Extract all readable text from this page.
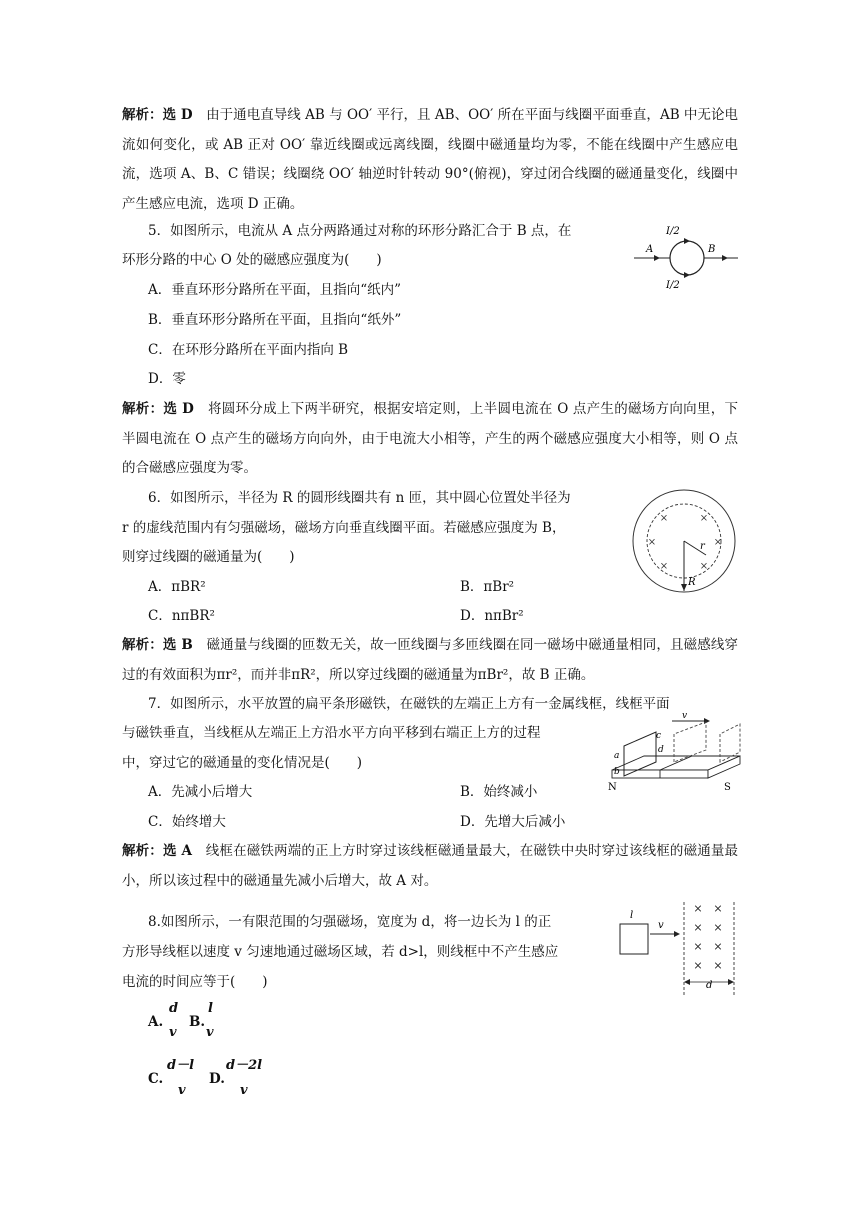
解析：选 D　 由于通电直导线 AB 与 OO′ 平行，且 AB、OO′ 所在平面与线圈平面垂直，AB 中无论电流如何变化，或 AB 正对 OO′ 靠近线圈或远离线圈，线圈中磁通量均为零，不能在线圈中产生感应电流，选项 A、B、C 错误；线圈绕 OO′ 轴逆时针转动 90°(俯视)，穿过闭合线圈的磁通量变化，线圈中产生感应电流，选项 D 正确。
5．如图所示，电流从 A 点分两路通过对称的环形分路汇合于 B 点，在
环形分路的中心 O 处的磁感应强度为(　　)
A．垂直环形分路所在平面，且指向“纸内”
B．垂直环形分路所在平面，且指向“纸外”
C．在环形分路所在平面内指向 B
D．零
I/2
I/2
A	B
解析：选 D　 将圆环分成上下两半研究，根据安培定则，上半圆电流在 O 点产生的磁场方向向里，下半圆电流在 O 点产生的磁场方向向外，由于电流大小相等，产生的两个磁感应强度大小相等，则 O 点的合磁感应强度为零。
6．如图所示，半径为 R 的圆形线圈共有 n 匝，其中圆心位置处半径为
r 的虚线范围内有匀强磁场，磁场方向垂直线圈平面。若磁感应强度为 B，
则穿过线圈的磁通量为(　　)
A．πBR²	B．πBr²
C．nπBR²	D．nπBr²
×	×
×	×
×	×
r
R
解析：选 B　 磁通量与线圈的匝数无关，故一匝线圈与多匝线圈在同一磁场中磁通量相同，且磁感线穿过的有效面积为πr²，而并非πR²，所以穿过线圈的磁通量为πBr²，故 B 正确。
7．如图所示，水平放置的扁平条形磁铁，在磁铁的左端正上方有一金属线框，线框平面
与磁铁垂直，当线框从左端正上方沿水平方向平移到右端正上方的过程
中，穿过它的磁通量的变化情况是(　　)
A．先减小后增大	B．始终减小
C．始终增大	D．先增大后减小
v
a
b
c
d
N	S
解析：选 A　 线框在磁铁两端的正上方时穿过该线框磁通量最大，在磁铁中央时穿过该线框的磁通量最小，所以该过程中的磁通量先减小后增大，故 A 对。
8.如图所示，一有限范围的匀强磁场，宽度为 d，将一边长为 l 的正
方形导线框以速度 v 匀速地通过磁场区域，若 d>l，则线框中不产生感应
电流的时间应等于(　　)
× ×
× ×
× ×
× ×
l
v
d
A.
d
v
B.
l
v
C.
d－l
v
D.
d－2l
v
